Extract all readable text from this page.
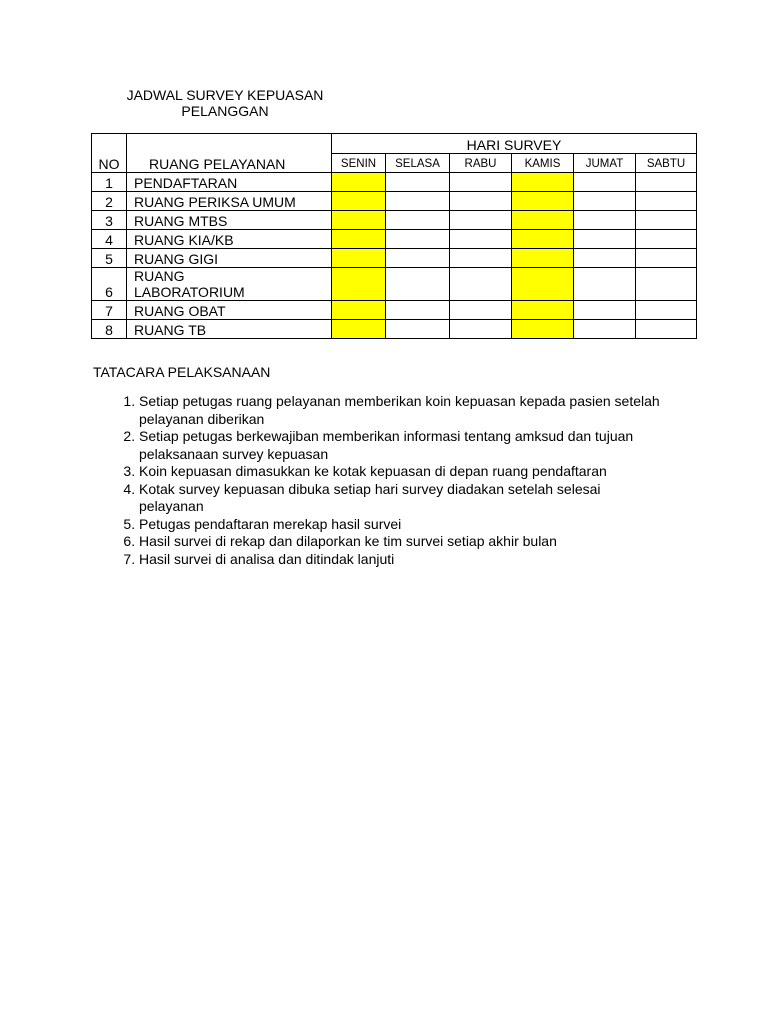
JADWAL SURVEY KEPUASAN
PELANGGAN
NO	RUANG PELAYANAN	HARI SURVEY					
		SENIN	SELASA	RABU	KAMIS	JUMAT	SABTU
1	PENDAFTARAN						
2	RUANG PERIKSA UMUM						
3	RUANG MTBS						
4	RUANG KIA/KB						
5	RUANG GIGI						
6	RUANG
LABORATORIUM						

7	RUANG OBAT						
8	RUANG TB						
TATACARA PELAKSANAAN
1. Setiap petugas ruang pelayanan memberikan koin kepuasan kepada pasien setelah
pelayanan diberikan
2. Setiap petugas berkewajiban memberikan informasi tentang amksud dan tujuan
pelaksanaan survey kepuasan
3. Koin kepuasan dimasukkan ke kotak kepuasan di depan ruang pendaftaran
4. Kotak survey kepuasan dibuka setiap hari survey diadakan setelah selesai
pelayanan
5. Petugas pendaftaran merekap hasil survei
6. Hasil survei di rekap dan dilaporkan ke tim survei setiap akhir bulan
7. Hasil survei di analisa dan ditindak lanjuti
